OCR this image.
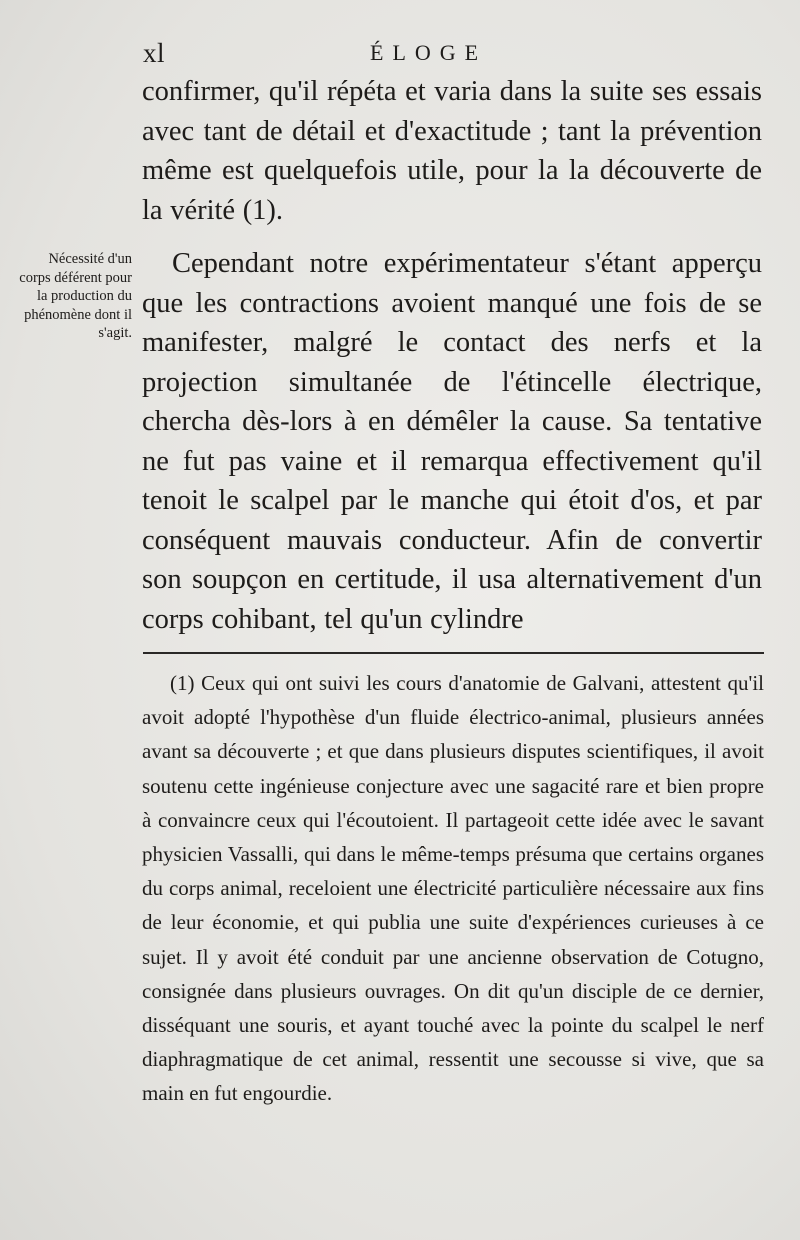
xl	ÉLOGE

confirmer, qu'il répéta et varia dans la suite ses essais avec tant de détail et d'exactitude ; tant la prévention même est quelquefois utile, pour la la découverte de la vérité (1).

Nécessité d'un corps déférent pour la production du phénomène dont il s'agit.

Cependant notre expérimentateur s'étant apperçu que les contractions avoient manqué une fois de se manifester, malgré le contact des nerfs et la projection simultanée de l'étincelle électrique, chercha dès-lors à en démêler la cause. Sa tentative ne fut pas vaine et il remarqua effectivement qu'il tenoit le scalpel par le manche qui étoit d'os, et par conséquent mauvais conducteur. Afin de convertir son soupçon en certitude, il usa alternativement d'un corps cohibant, tel qu'un cylindre

(1) Ceux qui ont suivi les cours d'anatomie de Galvani, attestent qu'il avoit adopté l'hypothèse d'un fluide électrico-animal, plusieurs années avant sa découverte ; et que dans plusieurs disputes scientifiques, il avoit soutenu cette ingénieuse conjecture avec une sagacité rare et bien propre à convaincre ceux qui l'écoutoient. Il partageoit cette idée avec le savant physicien Vassalli, qui dans le même-temps présuma que certains organes du corps animal, receloient une électricité particulière nécessaire aux fins de leur économie, et qui publia une suite d'expériences curieuses à ce sujet. Il y avoit été conduit par une ancienne observation de Cotugno, consignée dans plusieurs ouvrages. On dit qu'un disciple de ce dernier, disséquant une souris, et ayant touché avec la pointe du scalpel le nerf diaphragmatique de cet animal, ressentit une secousse si vive, que sa main en fut engourdie.
